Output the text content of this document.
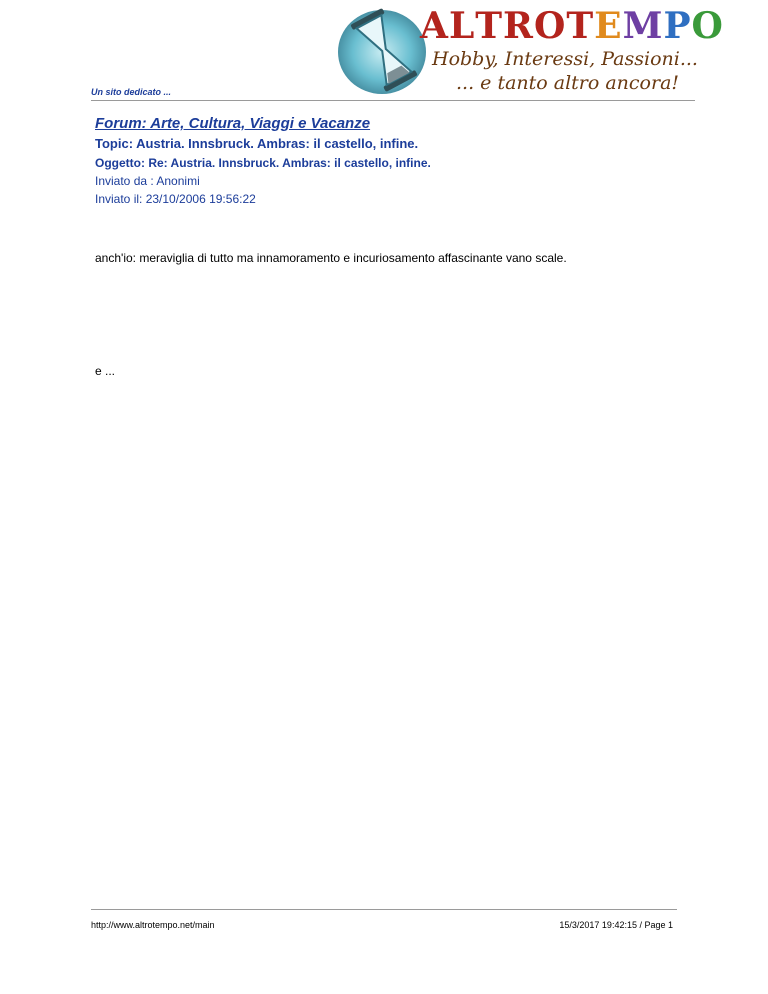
Un sito dedicato ...
ALTROTEMPO
Hobby, Interessi, Passioni...
... e tanto altro ancora!
Forum: Arte, Cultura, Viaggi e Vacanze
Topic: Austria. Innsbruck. Ambras: il castello, infine.
Oggetto: Re: Austria. Innsbruck. Ambras: il castello, infine.
Inviato da : Anonimi
Inviato il: 23/10/2006 19:56:22
anch'io: meraviglia di tutto ma innamoramento e incuriosamento affascinante vano scale.
e ...
http://www.altrotempo.net/main	15/3/2017 19:42:15 / Page 1
